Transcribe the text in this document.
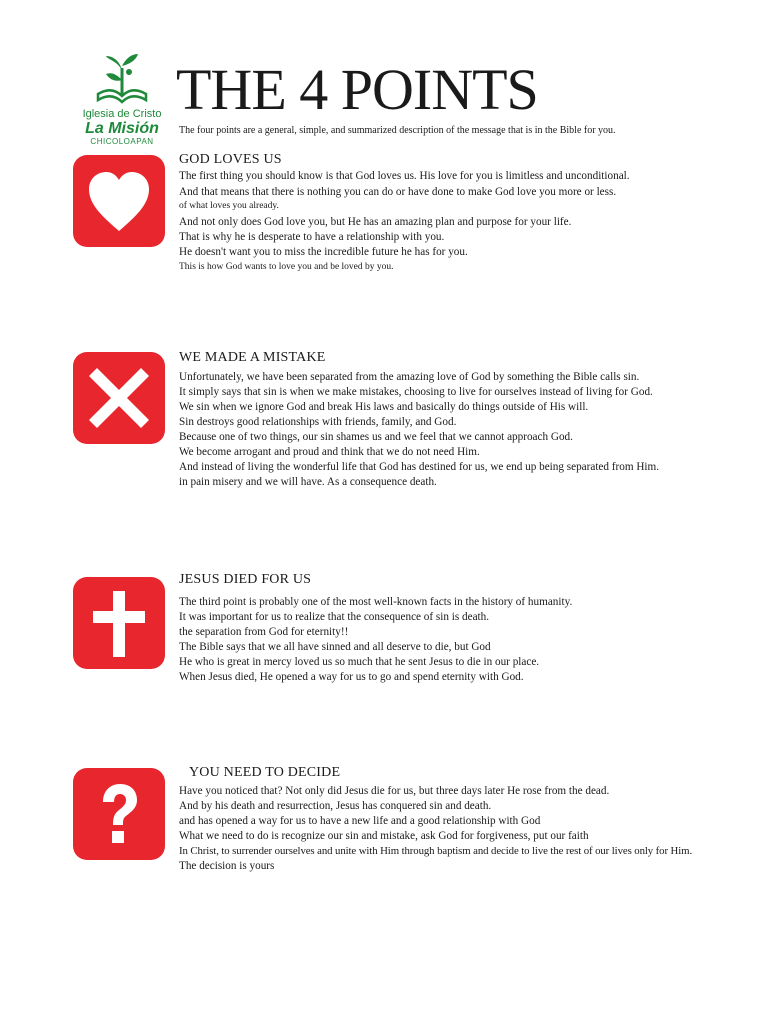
Iglesia de Cristo
La Misión
CHICOLOAPAN
THE 4 POINTS

The four points are a general, simple, and summarized description of the message that is in the Bible for you.

GOD LOVES US
The first thing you should know is that God loves us. His love for you is limitless and unconditional.
And that means that there is nothing you can do or have done to make God love you more or less.
of what loves you already.
And not only does God love you, but He has an amazing plan and purpose for your life.
That is why he is desperate to have a relationship with you.
He doesn't want you to miss the incredible future he has for you.
This is how God wants to love you and be loved by you.
WE MADE A MISTAKE
Unfortunately, we have been separated from the amazing love of God by something the Bible calls sin.
It simply says that sin is when we make mistakes, choosing to live for ourselves instead of living for God.
We sin when we ignore God and break His laws and basically do things outside of His will.
Sin destroys good relationships with friends, family, and God.
Because one of two things, our sin shames us and we feel that we cannot approach God.
We become arrogant and proud and think that we do not need Him.
And instead of living the wonderful life that God has destined for us, we end up being separated from Him.
in pain misery and we will have. As a consequence death.
JESUS DIED FOR US
The third point is probably one of the most well-known facts in the history of humanity.
It was important for us to realize that the consequence of sin is death.
the separation from God for eternity!!
The Bible says that we all have sinned and all deserve to die, but God
He who is great in mercy loved us so much that he sent Jesus to die in our place.
When Jesus died, He opened a way for us to go and spend eternity with God.
YOU NEED TO DECIDE
Have you noticed that? Not only did Jesus die for us, but three days later He rose from the dead.
And by his death and resurrection, Jesus has conquered sin and death.
and has opened a way for us to have a new life and a good relationship with God
What we need to do is recognize our sin and mistake, ask God for forgiveness, put our faith
In Christ, to surrender ourselves and unite with Him through baptism and decide to live the rest of our lives only for Him.
The decision is yours
